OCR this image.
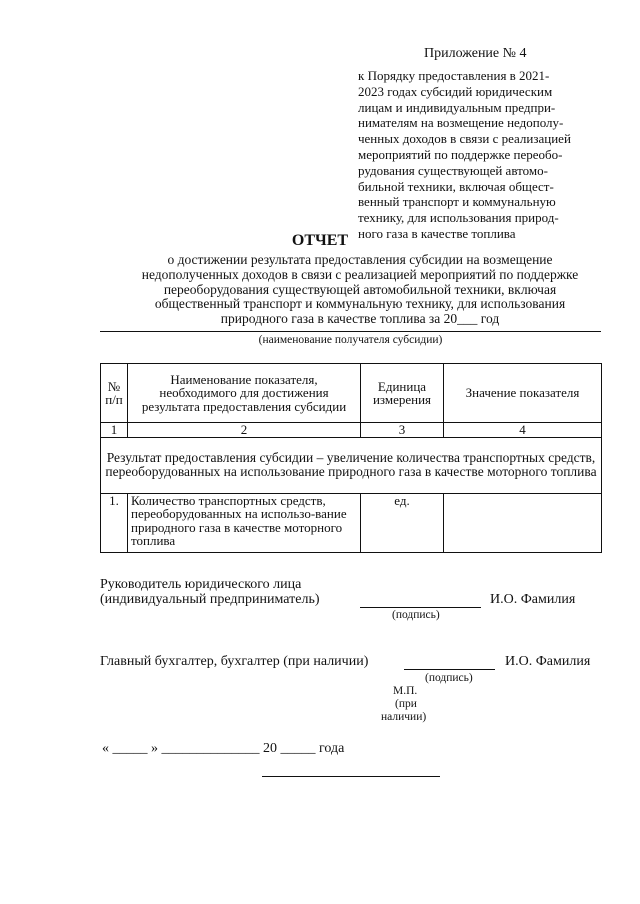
Приложение № 4
к Порядку предоставления в 2021-
2023 годах субсидий юридическим
лицам и индивидуальным предпри-
нимателям на возмещение недополу-
ченных доходов в связи с реализацией
мероприятий по поддержке переобо-
рудования существующей автомо-
бильной техники, включая общест-
венный транспорт и коммунальную
технику, для использования природ-
ного газа в качестве топлива
ОТЧЕТ
о достижении результата предоставления субсидии на возмещение
недополученных доходов в связи с реализацией мероприятий по поддержке
переоборудования существующей автомобильной техники, включая
общественный транспорт и коммунальную технику, для использования
природного газа в качестве топлива за 20___ год
(наименование получателя субсидии)
№ п/п	Наименование показателя, необходимого для достижения результата предоставления субсидии	Единица измерения	Значение показателя
1	2	3	4
Результат предоставления субсидии – увеличение количества транспортных средств, переоборудованных на использование природного газа в качестве моторного топлива			
1.	Количество транспортных средств, переоборудованных на использо-вание природного газа в качестве моторного топлива	ед.	
Руководитель юридического лица
(индивидуальный предприниматель)	И.О. Фамилия
(подпись)
Главный бухгалтер, бухгалтер (при наличии)	И.О. Фамилия
(подпись)
М.П.
(при
наличии)
« _____ » ______________ 20 _____ года
